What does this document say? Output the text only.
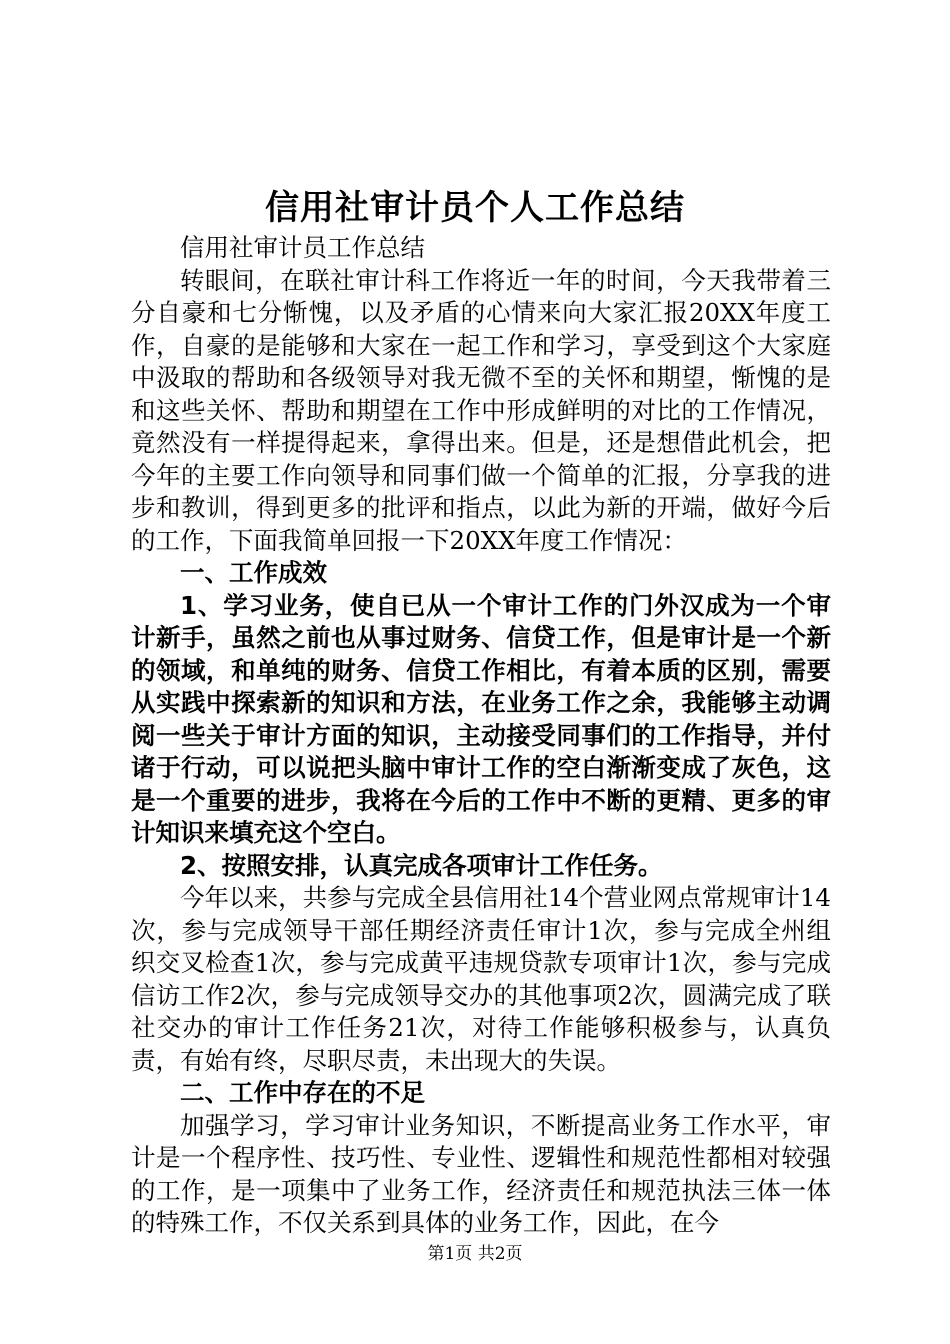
信用社审计员个人工作总结

信用社审计员工作总结

转眼间，在联社审计科工作将近一年的时间，今天我带着三分自豪和七分惭愧，以及矛盾的心情来向大家汇报20XX年度工作，自豪的是能够和大家在一起工作和学习，享受到这个大家庭中汲取的帮助和各级领导对我无微不至的关怀和期望，惭愧的是和这些关怀、帮助和期望在工作中形成鲜明的对比的工作情况，竟然没有一样提得起来，拿得出来。但是，还是想借此机会，把今年的主要工作向领导和同事们做一个简单的汇报，分享我的进步和教训，得到更多的批评和指点，以此为新的开端，做好今后的工作，下面我简单回报一下20XX年度工作情况：

一、工作成效

1、学习业务，使自已从一个审计工作的门外汉成为一个审计新手，虽然之前也从事过财务、信贷工作，但是审计是一个新的领域，和单纯的财务、信贷工作相比，有着本质的区别，需要从实践中探索新的知识和方法，在业务工作之余，我能够主动调阅一些关于审计方面的知识，主动接受同事们的工作指导，并付诸于行动，可以说把头脑中审计工作的空白渐渐变成了灰色，这是一个重要的进步，我将在今后的工作中不断的更精、更多的审计知识来填充这个空白。

2、按照安排，认真完成各项审计工作任务。

今年以来，共参与完成全县信用社14个营业网点常规审计14次，参与完成领导干部任期经济责任审计1次，参与完成全州组织交叉检查1次，参与完成黄平违规贷款专项审计1次，参与完成信访工作2次，参与完成领导交办的其他事项2次，圆满完成了联社交办的审计工作任务21次，对待工作能够积极参与，认真负责，有始有终，尽职尽责，未出现大的失误。

二、工作中存在的不足

加强学习，学习审计业务知识，不断提高业务工作水平，审计是一个程序性、技巧性、专业性、逻辑性和规范性都相对较强的工作，是一项集中了业务工作，经济责任和规范执法三体一体的特殊工作，不仅关系到具体的业务工作，因此，在今

第1页 共2页
